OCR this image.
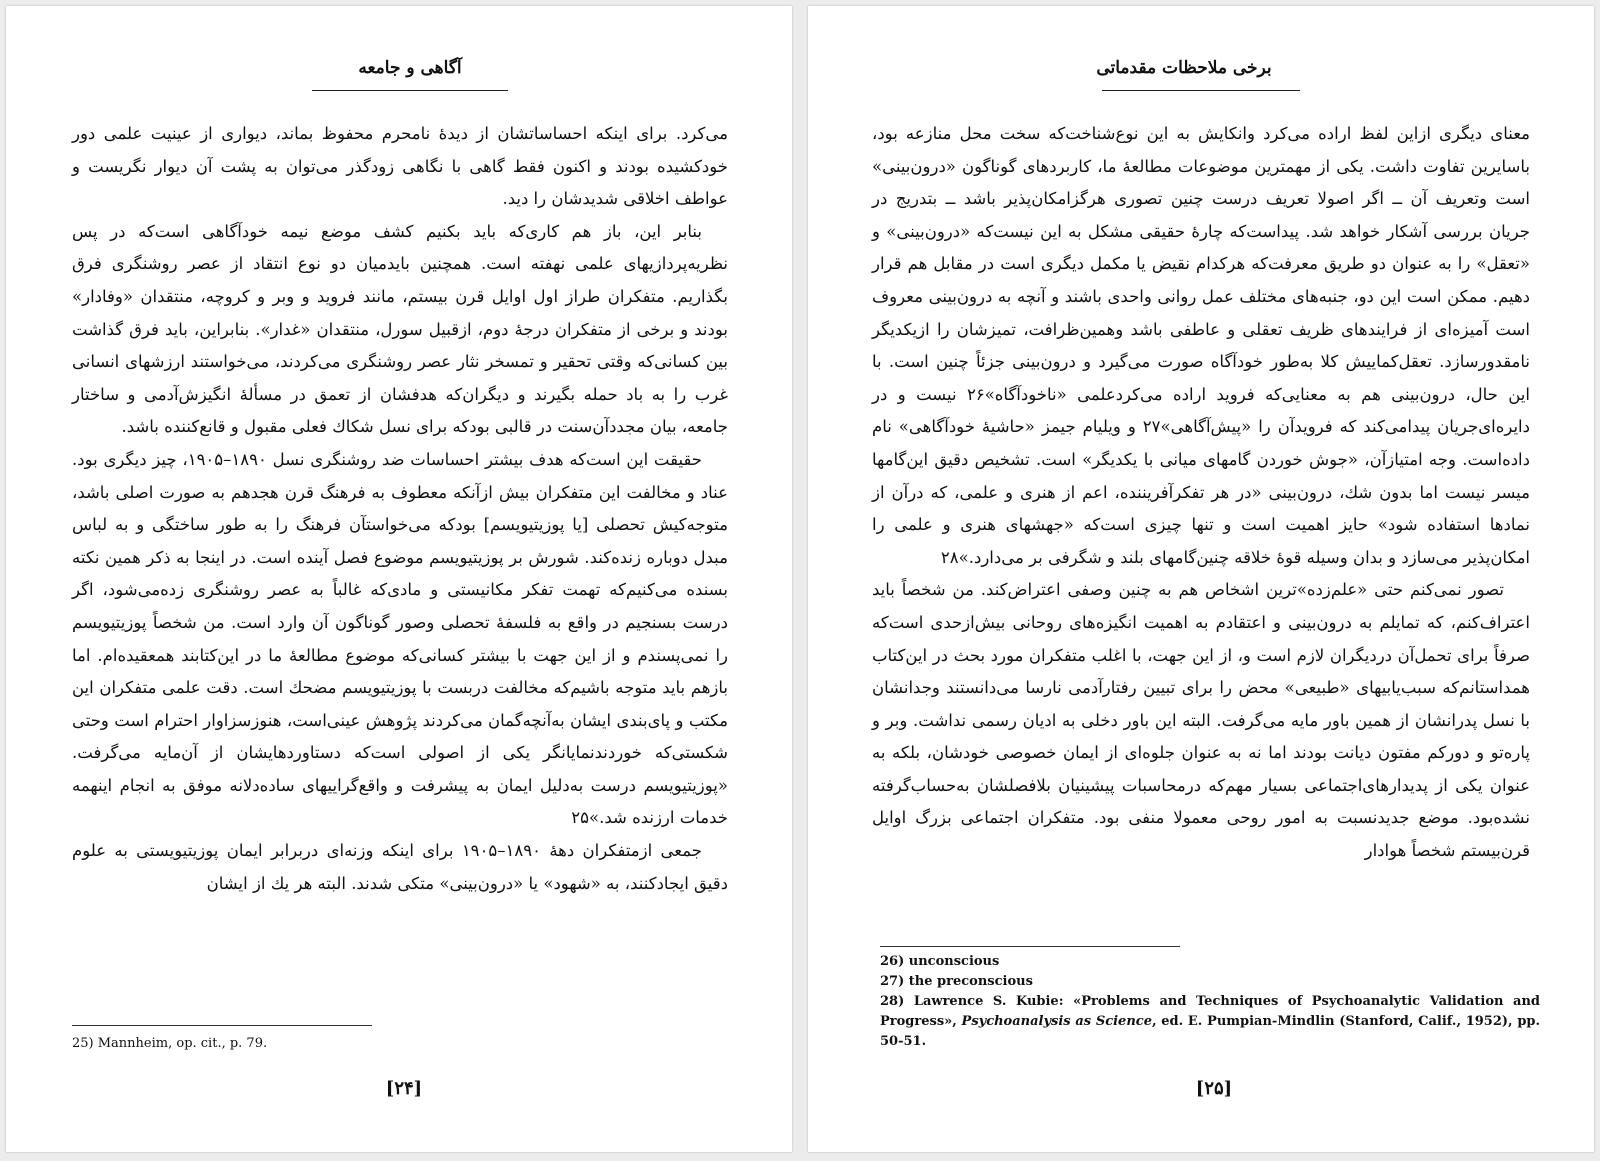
آگاهی و جامعه

می‌کرد. برای اینکه احساساتشان از دیدهٔ نامحرم محفوظ بماند، دیواری از عینیت علمی دور خودکشیده بودند و اکنون فقط گاهی با نگاهی زودگذر می‌توان به پشت آن دیوار نگریست و عواطف اخلاقی شدیدشان را دید.

بنابر این، باز هم کاری‌که باید بکنیم کشف موضع نیمه خودآگاهی است‌که در پس نظریه‌پردازیهای علمی نهفته است. همچنین بایدمیان دو نوع انتقاد از عصر روشنگری فرق بگذاریم. متفکران طراز اول اوایل قرن بیستم، مانند فروید و وبر و کروچه، منتقدان «وفادار» بودند و برخی از متفکران درجهٔ دوم، ازقبیل سورل، منتقدان «غدار». بنابراین، باید فرق گذاشت بین کسانی‌که وقتی تحقیر و تمسخر نثار عصر روشنگری می‌کردند، می‌خواستند ارزشهای انسانی غرب را به باد حمله بگیرند و دیگران‌که هدفشان از تعمق در مسألهٔ انگیزش‌آدمی و ساختار جامعه، بیان مجددآن‌سنت در قالبی بودکه برای نسل شکاك فعلی مقبول و قانع‌کننده باشد.

حقیقت این است‌که هدف بیشتر احساسات ضد روشنگری نسل ۱۸۹۰–۱۹۰۵، چیز دیگری بود. عناد و مخالفت این متفکران بیش ازآنکه معطوف به فرهنگ قرن هجدهم به صورت اصلی باشد، متوجه‌کیش تحصلی [یا پوزیتیویسم] بودکه می‌خواستآن فرهنگ را به طور ساختگی و به لباس مبدل دوباره زنده‌کند. شورش بر پوزیتیویسم موضوع فصل آینده است. در اینجا به ذکر همین نکته بسنده می‌کنیم‌که تهمت تفکر مکانیستی و مادی‌که غالباً به عصر روشنگری زده‌می‌شود، اگر درست بسنجیم در واقع به فلسفهٔ تحصلی وصور گوناگون آن وارد است. من شخصاً پوزیتیویسم را نمی‌پسندم و از این جهت با بیشتر کسانی‌که موضوع مطالعهٔ ما در این‌کتابند همعقیده‌ام. اما بازهم باید متوجه باشیم‌که مخالفت دربست با پوزیتیویسم مضحك است. دقت علمی متفکران این مکتب و پای‌بندی ایشان به‌آنچه‌گمان می‌کردند پژوهش عینی‌است، هنوزسزاوار احترام است وحتی شکستی‌که خوردندنمایانگر یکی از اصولی است‌که دستاوردهایشان از آن‌مایه می‌گرفت. «پوزیتیویسم درست به‌دلیل ایمان به پیشرفت و واقع‌گراییهای ساده‌دلانه موفق به انجام اینهمه خدمات ارزنده شد.»۲۵

جمعی ازمتفکران دههٔ ۱۸۹۰–۱۹۰۵ برای اینکه وزنه‌ای دربرابر ایمان پوزیتیویستی به علوم دقیق ایجادکنند، به «شهود» یا «درون‌بینی» متکی شدند. البته هر یك از ایشان

25) Mannheim, op. cit., p. 79.

[۲۴]
برخی ملاحظات مقدماتی

معنای دیگری ازاین لفظ اراده می‌کرد وانکایش به این نوع‌شناخت‌که سخت محل منازعه بود، باسایرین تفاوت داشت. یکی از مهمترین موضوعات مطالعهٔ ما، کاربردهای گوناگون «درون‌بینی» است وتعریف آن ــ اگر اصولا تعریف درست چنین تصوری هرگزامکان‌پذیر باشد ــ بتدریج در جریان بررسی آشکار خواهد شد. پیداست‌که چارهٔ حقیقی مشکل به این نیست‌که «درون‌بینی» و «تعقل» را به عنوان دو طریق معرفت‌که هرکدام نقیض یا مکمل دیگری است در مقابل هم قرار دهیم. ممکن است این دو، جنبه‌های مختلف عمل روانی واحدی باشند و آنچه به درون‌بینی معروف است آمیزه‌ای از فرایندهای ظریف تعقلی و عاطفی باشد وهمین‌ظرافت، تمیزشان را ازیکدیگر نامقدورسازد. تعقل‌کماییش کلا به‌طور خودآگاه صورت می‌گیرد و درون‌بینی جزئاً چنین است. با این حال، درون‌بینی هم به معنایی‌که فروید اراده می‌کردعلمی «ناخودآگاه»۲۶ نیست و در دایره‌ای‌جریان پیدامی‌کند که فرویدآن را «پیش‌آگاهی»۲۷ و ویلیام جیمز «حاشیهٔ خودآگاهی» نام داده‌است. وجه امتیازآن، «جوش خوردن گامهای میانی با یکدیگر» است. تشخیص دقیق این‌گامها میسر نیست اما بدون شك، درون‌بینی «در هر تفکرآفریننده، اعم از هنری و علمی، که درآن از نمادها استفاده شود» حایز اهمیت است و تنها چیزی است‌که «جهشهای هنری و علمی را امکان‌پذیر می‌سازد و بدان وسیله قوهٔ خلاقه چنین‌گامهای بلند و شگرفی بر می‌دارد.»۲۸

تصور نمی‌کنم حتی «علم‌زده»‌ترین اشخاص هم به چنین وصفی اعتراض‌کند. من شخصاً باید اعتراف‌کنم، که تمایلم به درون‌بینی و اعتقادم به اهمیت انگیزه‌های روحانی بیش‌ازحدی است‌که صرفاً برای تحمل‌آن دردیگران لازم است و، از این جهت، با اغلب متفکران مورد بحث در این‌کتاب همداستانم‌که سبب‌یابیهای «طبیعی» محض را برای تبیین رفتارآدمی نارسا می‌دانستند وجدانشان با نسل پدرانشان از همین باور مایه می‌گرفت. البته این باور دخلی به ادیان رسمی نداشت. وبر و پاره‌تو و دورکم مفتون دیانت بودند اما نه به عنوان جلوه‌ای از ایمان خصوصی خودشان، بلکه به عنوان یکی از پدیدارهای‌اجتماعی بسیار مهم‌که درمحاسبات پیشینیان بلافصلشان به‌حساب‌گرفته نشده‌بود. موضع جدیدنسبت به امور روحی معمولا منفی بود. متفکران اجتماعی بزرگ اوایل قرن‌بیستم شخصاً هوادار

26) unconscious

27) the preconscious

28) Lawrence S. Kubie: «Problems and Techniques of Psychoanalytic Validation and Progress», Psychoanalysis as Science, ed. E. Pumpian-Mindlin (Stanford, Calif., 1952), pp. 50-51.

[۲۵]
